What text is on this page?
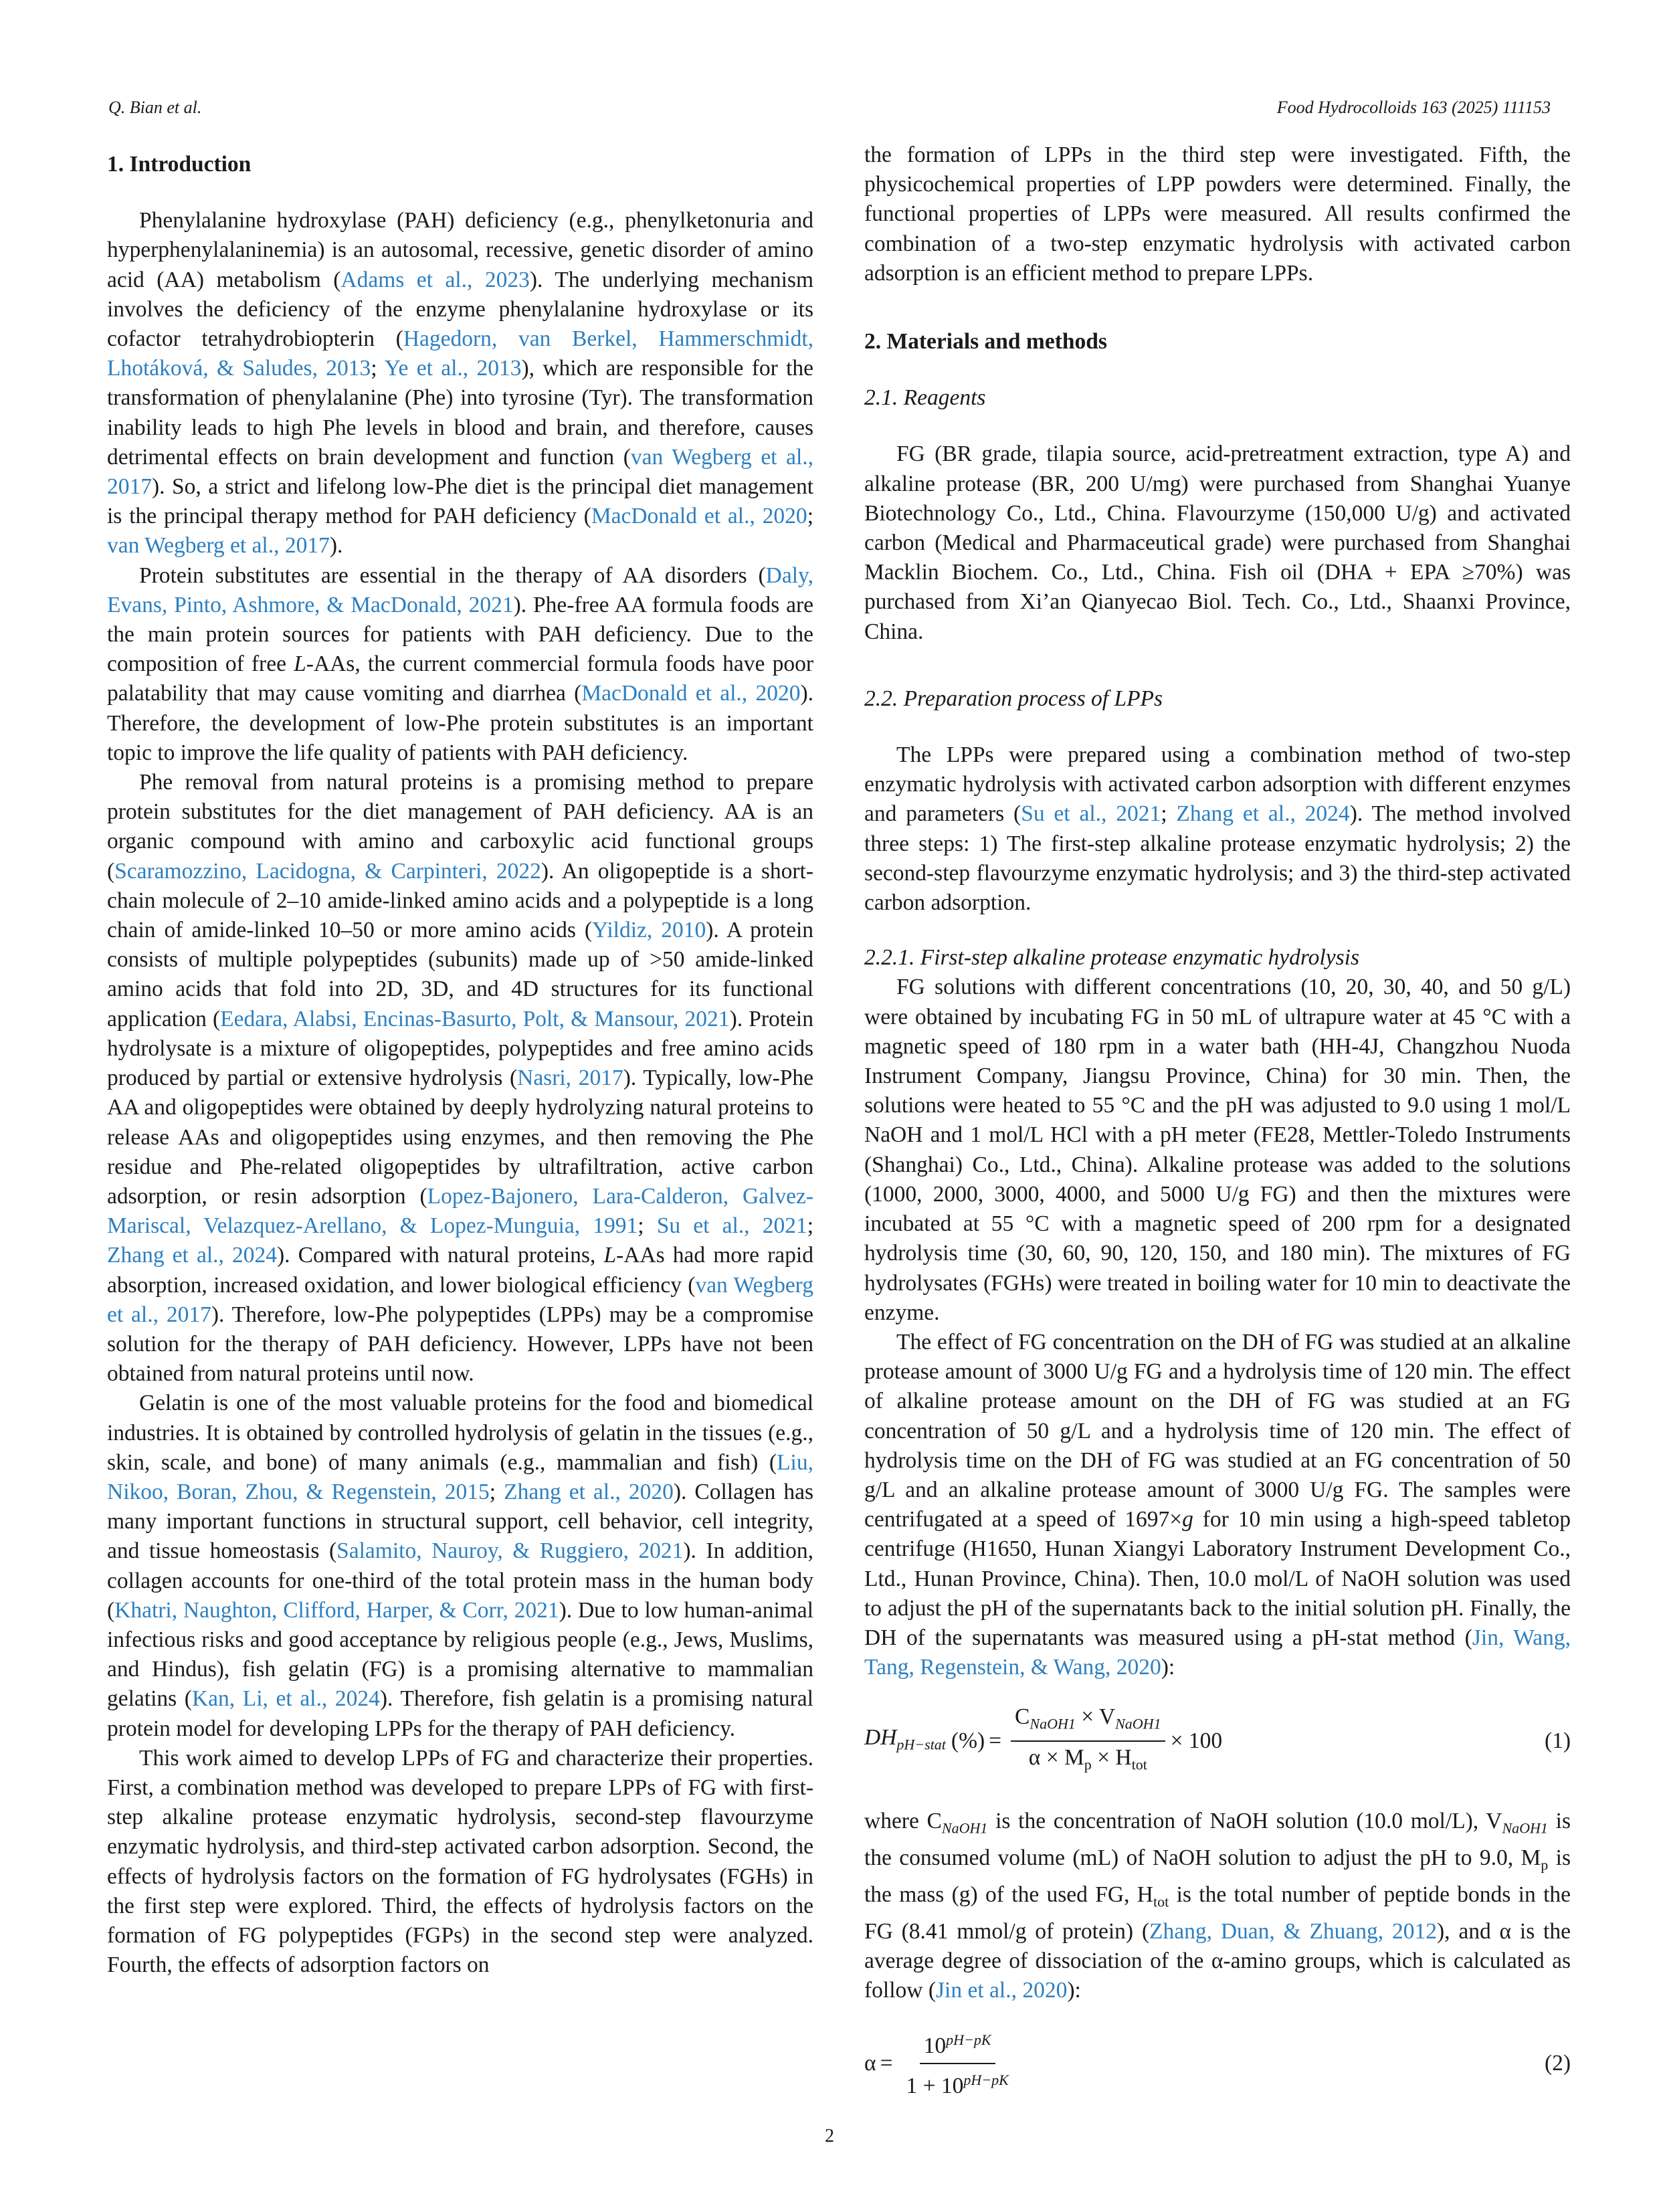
Q. Bian et al.	Food Hydrocolloids 163 (2025) 111153
1. Introduction

Phenylalanine hydroxylase (PAH) deficiency (e.g., phenylketonuria and hyperphenylalaninemia) is an autosomal, recessive, genetic disorder of amino acid (AA) metabolism (Adams et al., 2023). The underlying mechanism involves the deficiency of the enzyme phenylalanine hydroxylase or its cofactor tetrahydrobiopterin (Hagedorn, van Berkel, Hammerschmidt, Lhotáková, & Saludes, 2013; Ye et al., 2013), which are responsible for the transformation of phenylalanine (Phe) into tyrosine (Tyr). The transformation inability leads to high Phe levels in blood and brain, and therefore, causes detrimental effects on brain development and function (van Wegberg et al., 2017). So, a strict and lifelong low-Phe diet is the principal diet management is the principal therapy method for PAH deficiency (MacDonald et al., 2020; van Wegberg et al., 2017).

Protein substitutes are essential in the therapy of AA disorders (Daly, Evans, Pinto, Ashmore, & MacDonald, 2021). Phe-free AA formula foods are the main protein sources for patients with PAH deficiency. Due to the composition of free L-AAs, the current commercial formula foods have poor palatability that may cause vomiting and diarrhea (MacDonald et al., 2020). Therefore, the development of low-Phe protein substitutes is an important topic to improve the life quality of patients with PAH deficiency.

Phe removal from natural proteins is a promising method to prepare protein substitutes for the diet management of PAH deficiency. AA is an organic compound with amino and carboxylic acid functional groups (Scaramozzino, Lacidogna, & Carpinteri, 2022). An oligopeptide is a short-chain molecule of 2–10 amide-linked amino acids and a polypeptide is a long chain of amide-linked 10–50 or more amino acids (Yildiz, 2010). A protein consists of multiple polypeptides (subunits) made up of >50 amide-linked amino acids that fold into 2D, 3D, and 4D structures for its functional application (Eedara, Alabsi, Encinas-Basurto, Polt, & Mansour, 2021). Protein hydrolysate is a mixture of oligopeptides, polypeptides and free amino acids produced by partial or extensive hydrolysis (Nasri, 2017). Typically, low-Phe AA and oligopeptides were obtained by deeply hydrolyzing natural proteins to release AAs and oligopeptides using enzymes, and then removing the Phe residue and Phe-related oligopeptides by ultrafiltration, active carbon adsorption, or resin adsorption (Lopez-Bajonero, Lara-Calderon, Galvez-Mariscal, Velazquez-Arellano, & Lopez-Munguia, 1991; Su et al., 2021; Zhang et al., 2024). Compared with natural proteins, L-AAs had more rapid absorption, increased oxidation, and lower biological efficiency (van Wegberg et al., 2017). Therefore, low-Phe polypeptides (LPPs) may be a compromise solution for the therapy of PAH deficiency. However, LPPs have not been obtained from natural proteins until now.

Gelatin is one of the most valuable proteins for the food and biomedical industries. It is obtained by controlled hydrolysis of gelatin in the tissues (e.g., skin, scale, and bone) of many animals (e.g., mammalian and fish) (Liu, Nikoo, Boran, Zhou, & Regenstein, 2015; Zhang et al., 2020). Collagen has many important functions in structural support, cell behavior, cell integrity, and tissue homeostasis (Salamito, Nauroy, & Ruggiero, 2021). In addition, collagen accounts for one-third of the total protein mass in the human body (Khatri, Naughton, Clifford, Harper, & Corr, 2021). Due to low human-animal infectious risks and good acceptance by religious people (e.g., Jews, Muslims, and Hindus), fish gelatin (FG) is a promising alternative to mammalian gelatins (Kan, Li, et al., 2024). Therefore, fish gelatin is a promising natural protein model for developing LPPs for the therapy of PAH deficiency.

This work aimed to develop LPPs of FG and characterize their properties. First, a combination method was developed to prepare LPPs of FG with first-step alkaline protease enzymatic hydrolysis, second-step flavourzyme enzymatic hydrolysis, and third-step activated carbon adsorption. Second, the effects of hydrolysis factors on the formation of FG hydrolysates (FGHs) in the first step were explored. Third, the effects of hydrolysis factors on the formation of FG polypeptides (FGPs) in the second step were analyzed. Fourth, the effects of adsorption factors on

the formation of LPPs in the third step were investigated. Fifth, the physicochemical properties of LPP powders were determined. Finally, the functional properties of LPPs were measured. All results confirmed the combination of a two-step enzymatic hydrolysis with activated carbon adsorption is an efficient method to prepare LPPs.

2. Materials and methods
2.1. Reagents

FG (BR grade, tilapia source, acid-pretreatment extraction, type A) and alkaline protease (BR, 200 U/mg) were purchased from Shanghai Yuanye Biotechnology Co., Ltd., China. Flavourzyme (150,000 U/g) and activated carbon (Medical and Pharmaceutical grade) were purchased from Shanghai Macklin Biochem. Co., Ltd., China. Fish oil (DHA + EPA ≥70%) was purchased from Xi’an Qianyecao Biol. Tech. Co., Ltd., Shaanxi Province, China.

2.2. Preparation process of LPPs

The LPPs were prepared using a combination method of two-step enzymatic hydrolysis with activated carbon adsorption with different enzymes and parameters (Su et al., 2021; Zhang et al., 2024). The method involved three steps: 1) The first-step alkaline protease enzymatic hydrolysis; 2) the second-step flavourzyme enzymatic hydrolysis; and 3) the third-step activated carbon adsorption.

2.2.1. First-step alkaline protease enzymatic hydrolysis

FG solutions with different concentrations (10, 20, 30, 40, and 50 g/L) were obtained by incubating FG in 50 mL of ultrapure water at 45 °C with a magnetic speed of 180 rpm in a water bath (HH-4J, Changzhou Nuoda Instrument Company, Jiangsu Province, China) for 30 min. Then, the solutions were heated to 55 °C and the pH was adjusted to 9.0 using 1 mol/L NaOH and 1 mol/L HCl with a pH meter (FE28, Mettler-Toledo Instruments (Shanghai) Co., Ltd., China). Alkaline protease was added to the solutions (1000, 2000, 3000, 4000, and 5000 U/g FG) and then the mixtures were incubated at 55 °C with a magnetic speed of 200 rpm for a designated hydrolysis time (30, 60, 90, 120, 150, and 180 min). The mixtures of FG hydrolysates (FGHs) were treated in boiling water for 10 min to deactivate the enzyme.

The effect of FG concentration on the DH of FG was studied at an alkaline protease amount of 3000 U/g FG and a hydrolysis time of 120 min. The effect of alkaline protease amount on the DH of FG was studied at an FG concentration of 50 g/L and a hydrolysis time of 120 min. The effect of hydrolysis time on the DH of FG was studied at an FG concentration of 50 g/L and an alkaline protease amount of 3000 U/g FG. The samples were centrifugated at a speed of 1697×g for 10 min using a high-speed tabletop centrifuge (H1650, Hunan Xiangyi Laboratory Instrument Development Co., Ltd., Hunan Province, China). Then, 10.0 mol/L of NaOH solution was used to adjust the pH of the supernatants back to the initial solution pH. Finally, the DH of the supernatants was measured using a pH-stat method (Jin, Wang, Tang, Regenstein, & Wang, 2020):

$DH_{pH-stat}$ (%) = $\frac{C_{NaOH1} \times V_{NaOH1}}{\alpha \times M_p \times H_{tot}} \times 100$	(1)

where $C_{NaOH1}$ is the concentration of NaOH solution (10.0 mol/L), $V_{NaOH1}$ is the consumed volume (mL) of NaOH solution to adjust the pH to 9.0, $M_p$ is the mass (g) of the used FG, $H_{tot}$ is the total number of peptide bonds in the FG (8.41 mmol/g of protein) (Zhang, Duan, & Zhuang, 2012), and α is the average degree of dissociation of the α-amino groups, which is calculated as follow (Jin et al., 2020):

$\alpha = \frac{10^{pH-pK}}{1 + 10^{pH-pK}}$	(2)
2
